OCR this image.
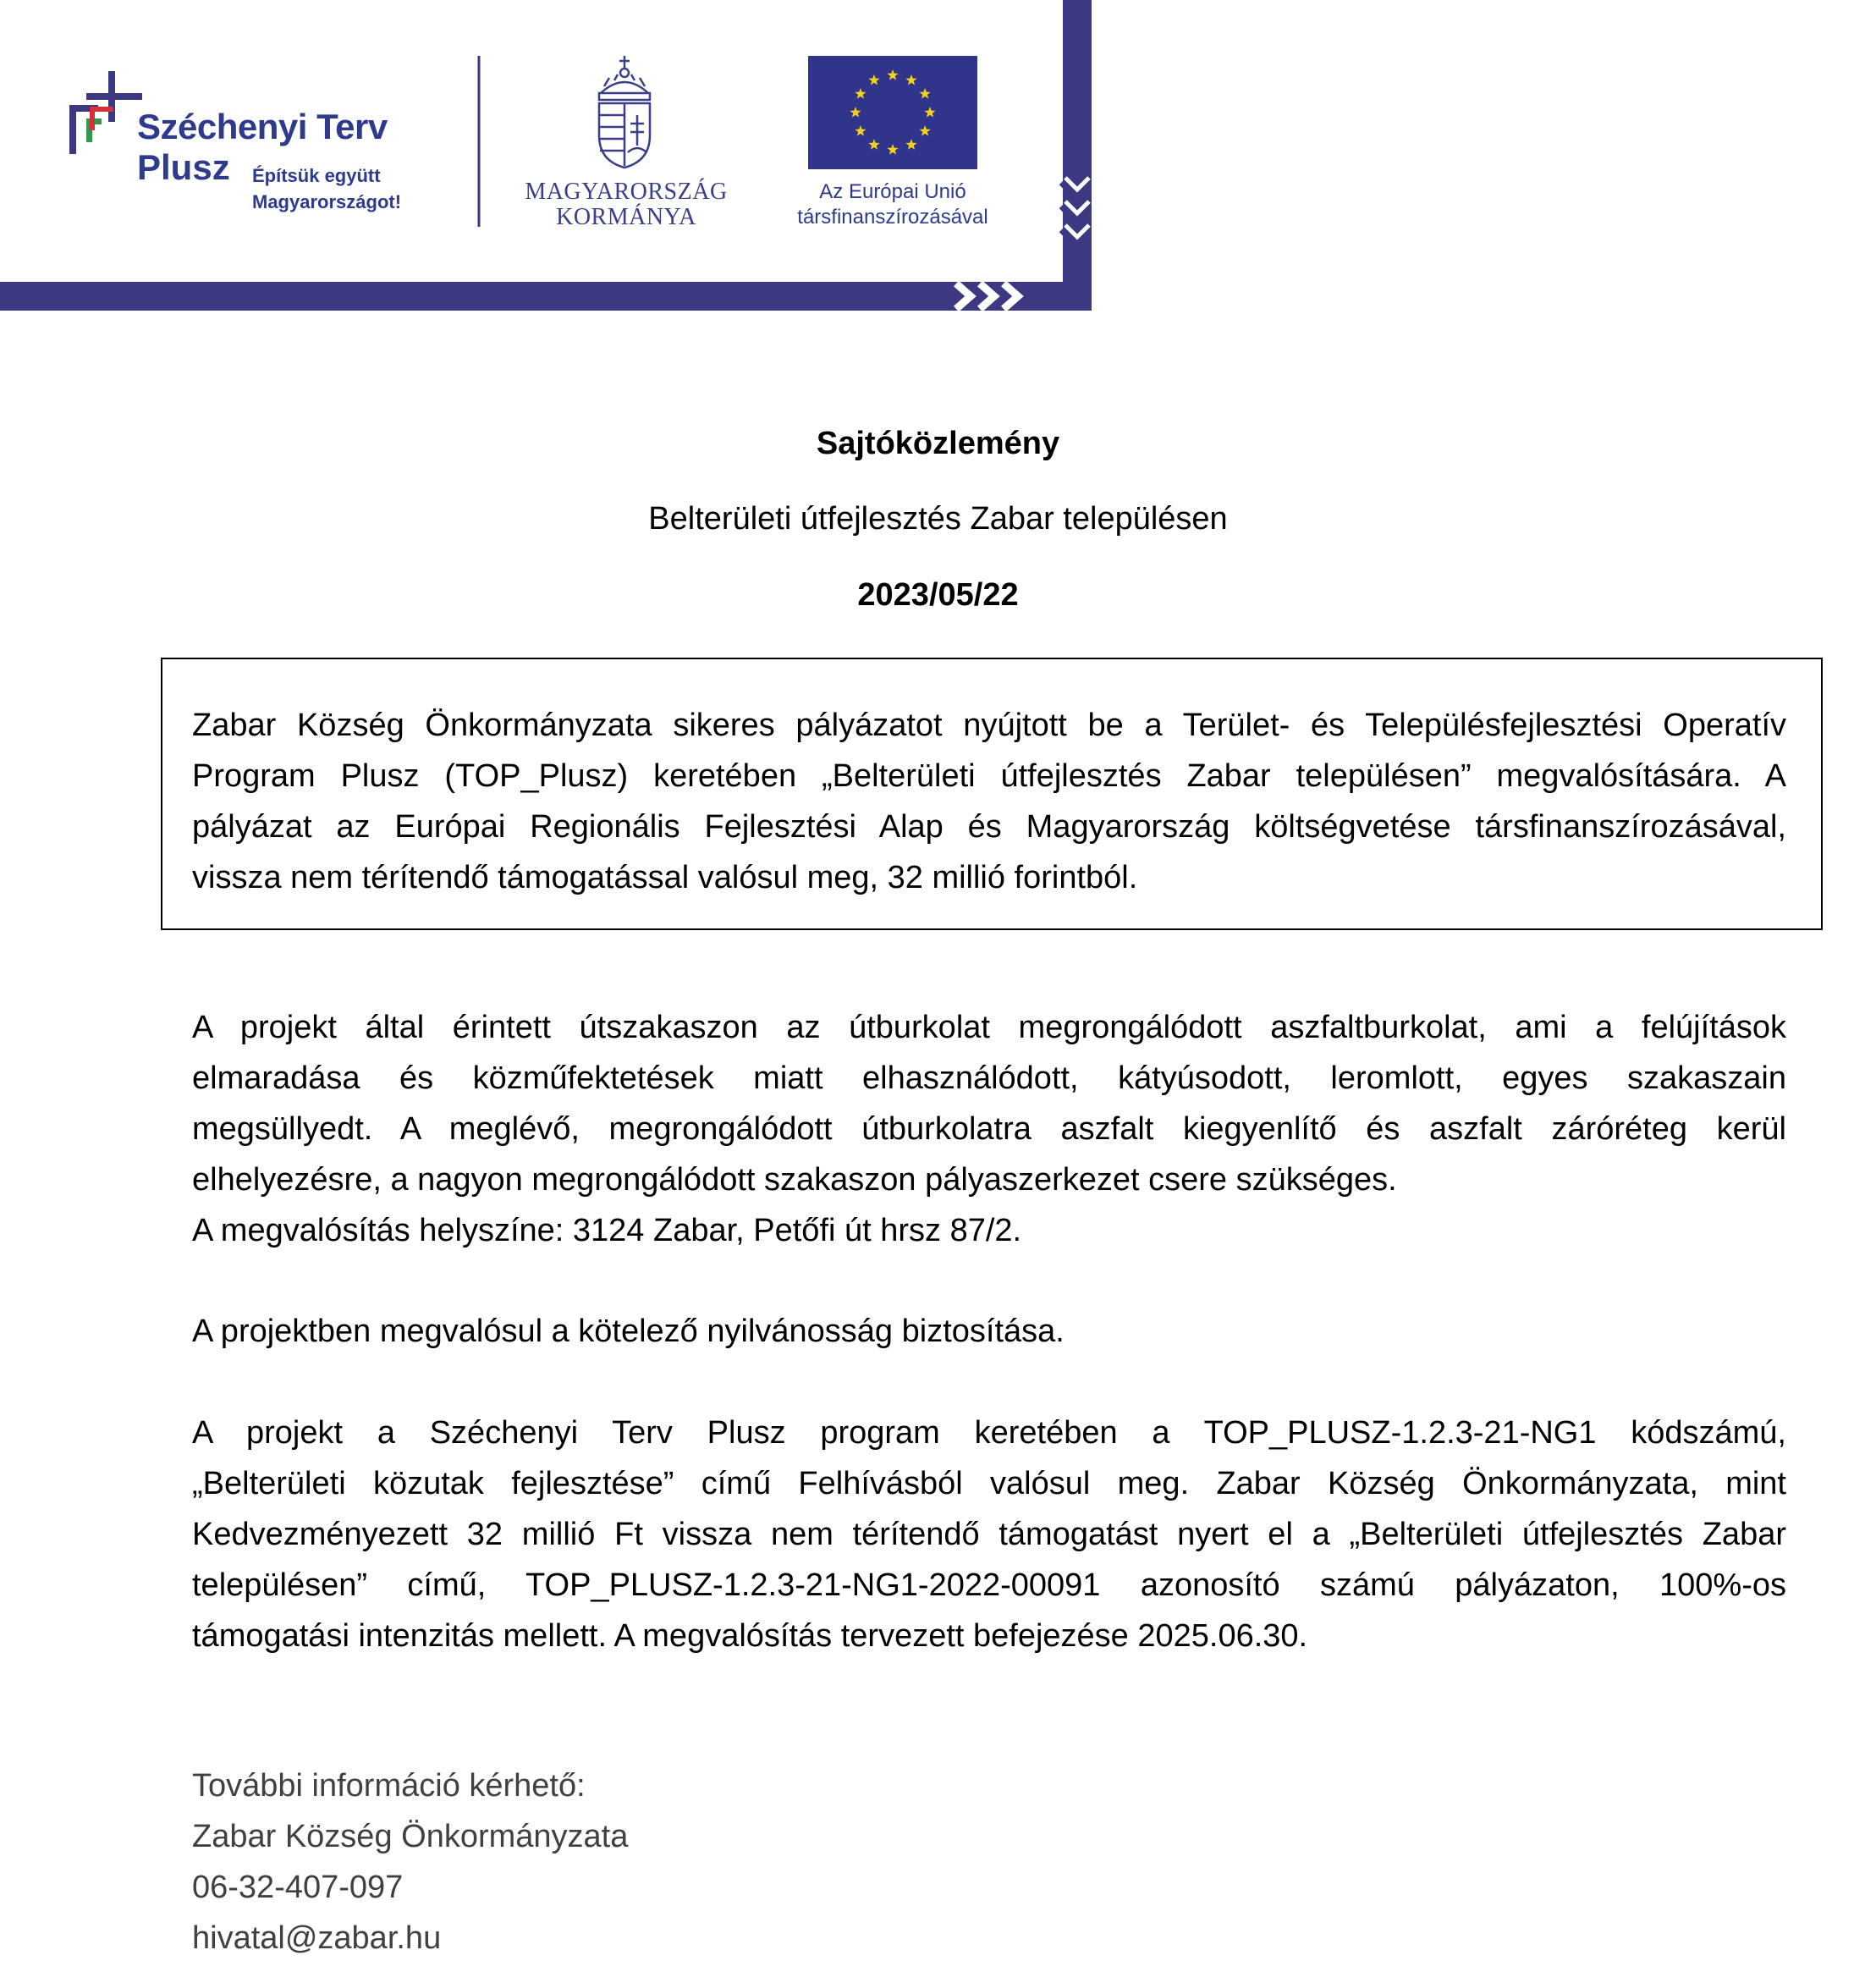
Széchenyi Terv
Plusz Építsük együtt
Magyarországot!	MAGYARORSZÁG
KORMÁNYA
Az Európai Unió
társfinanszírozásával
Sajtóközlemény
Belterületi útfejlesztés Zabar településen
2023/05/22
Zabar Község Önkormányzata sikeres pályázatot nyújtott be a Terület- és Településfejlesztési Operatív
Program Plusz (TOP_Plusz) keretében „Belterületi útfejlesztés Zabar településen” megvalósítására. A
pályázat az Európai Regionális Fejlesztési Alap és Magyarország költségvetése társfinanszírozásával,
vissza nem térítendő támogatással valósul meg, 32 millió forintból.
A projekt által érintett útszakaszon az útburkolat megrongálódott aszfaltburkolat, ami a felújítások
elmaradása és közműfektetések miatt elhasználódott, kátyúsodott, leromlott, egyes szakaszain
megsüllyedt. A meglévő, megrongálódott útburkolatra aszfalt kiegyenlítő és aszfalt záróréteg kerül
elhelyezésre, a nagyon megrongálódott szakaszon pályaszerkezet csere szükséges.
A megvalósítás helyszíne: 3124 Zabar, Petőfi út hrsz 87/2.
A projektben megvalósul a kötelező nyilvánosság biztosítása.
A projekt a Széchenyi Terv Plusz program keretében a TOP_PLUSZ-1.2.3-21-NG1 kódszámú,
„Belterületi közutak fejlesztése” című Felhívásból valósul meg. Zabar Község Önkormányzata, mint
Kedvezményezett 32 millió Ft vissza nem térítendő támogatást nyert el a „Belterületi útfejlesztés Zabar
településen” című, TOP_PLUSZ-1.2.3-21-NG1-2022-00091 azonosító számú pályázaton, 100%-os
támogatási intenzitás mellett. A megvalósítás tervezett befejezése 2025.06.30.
További információ kérhető:
Zabar Község Önkormányzata
06-32-407-097
hivatal@zabar.hu
